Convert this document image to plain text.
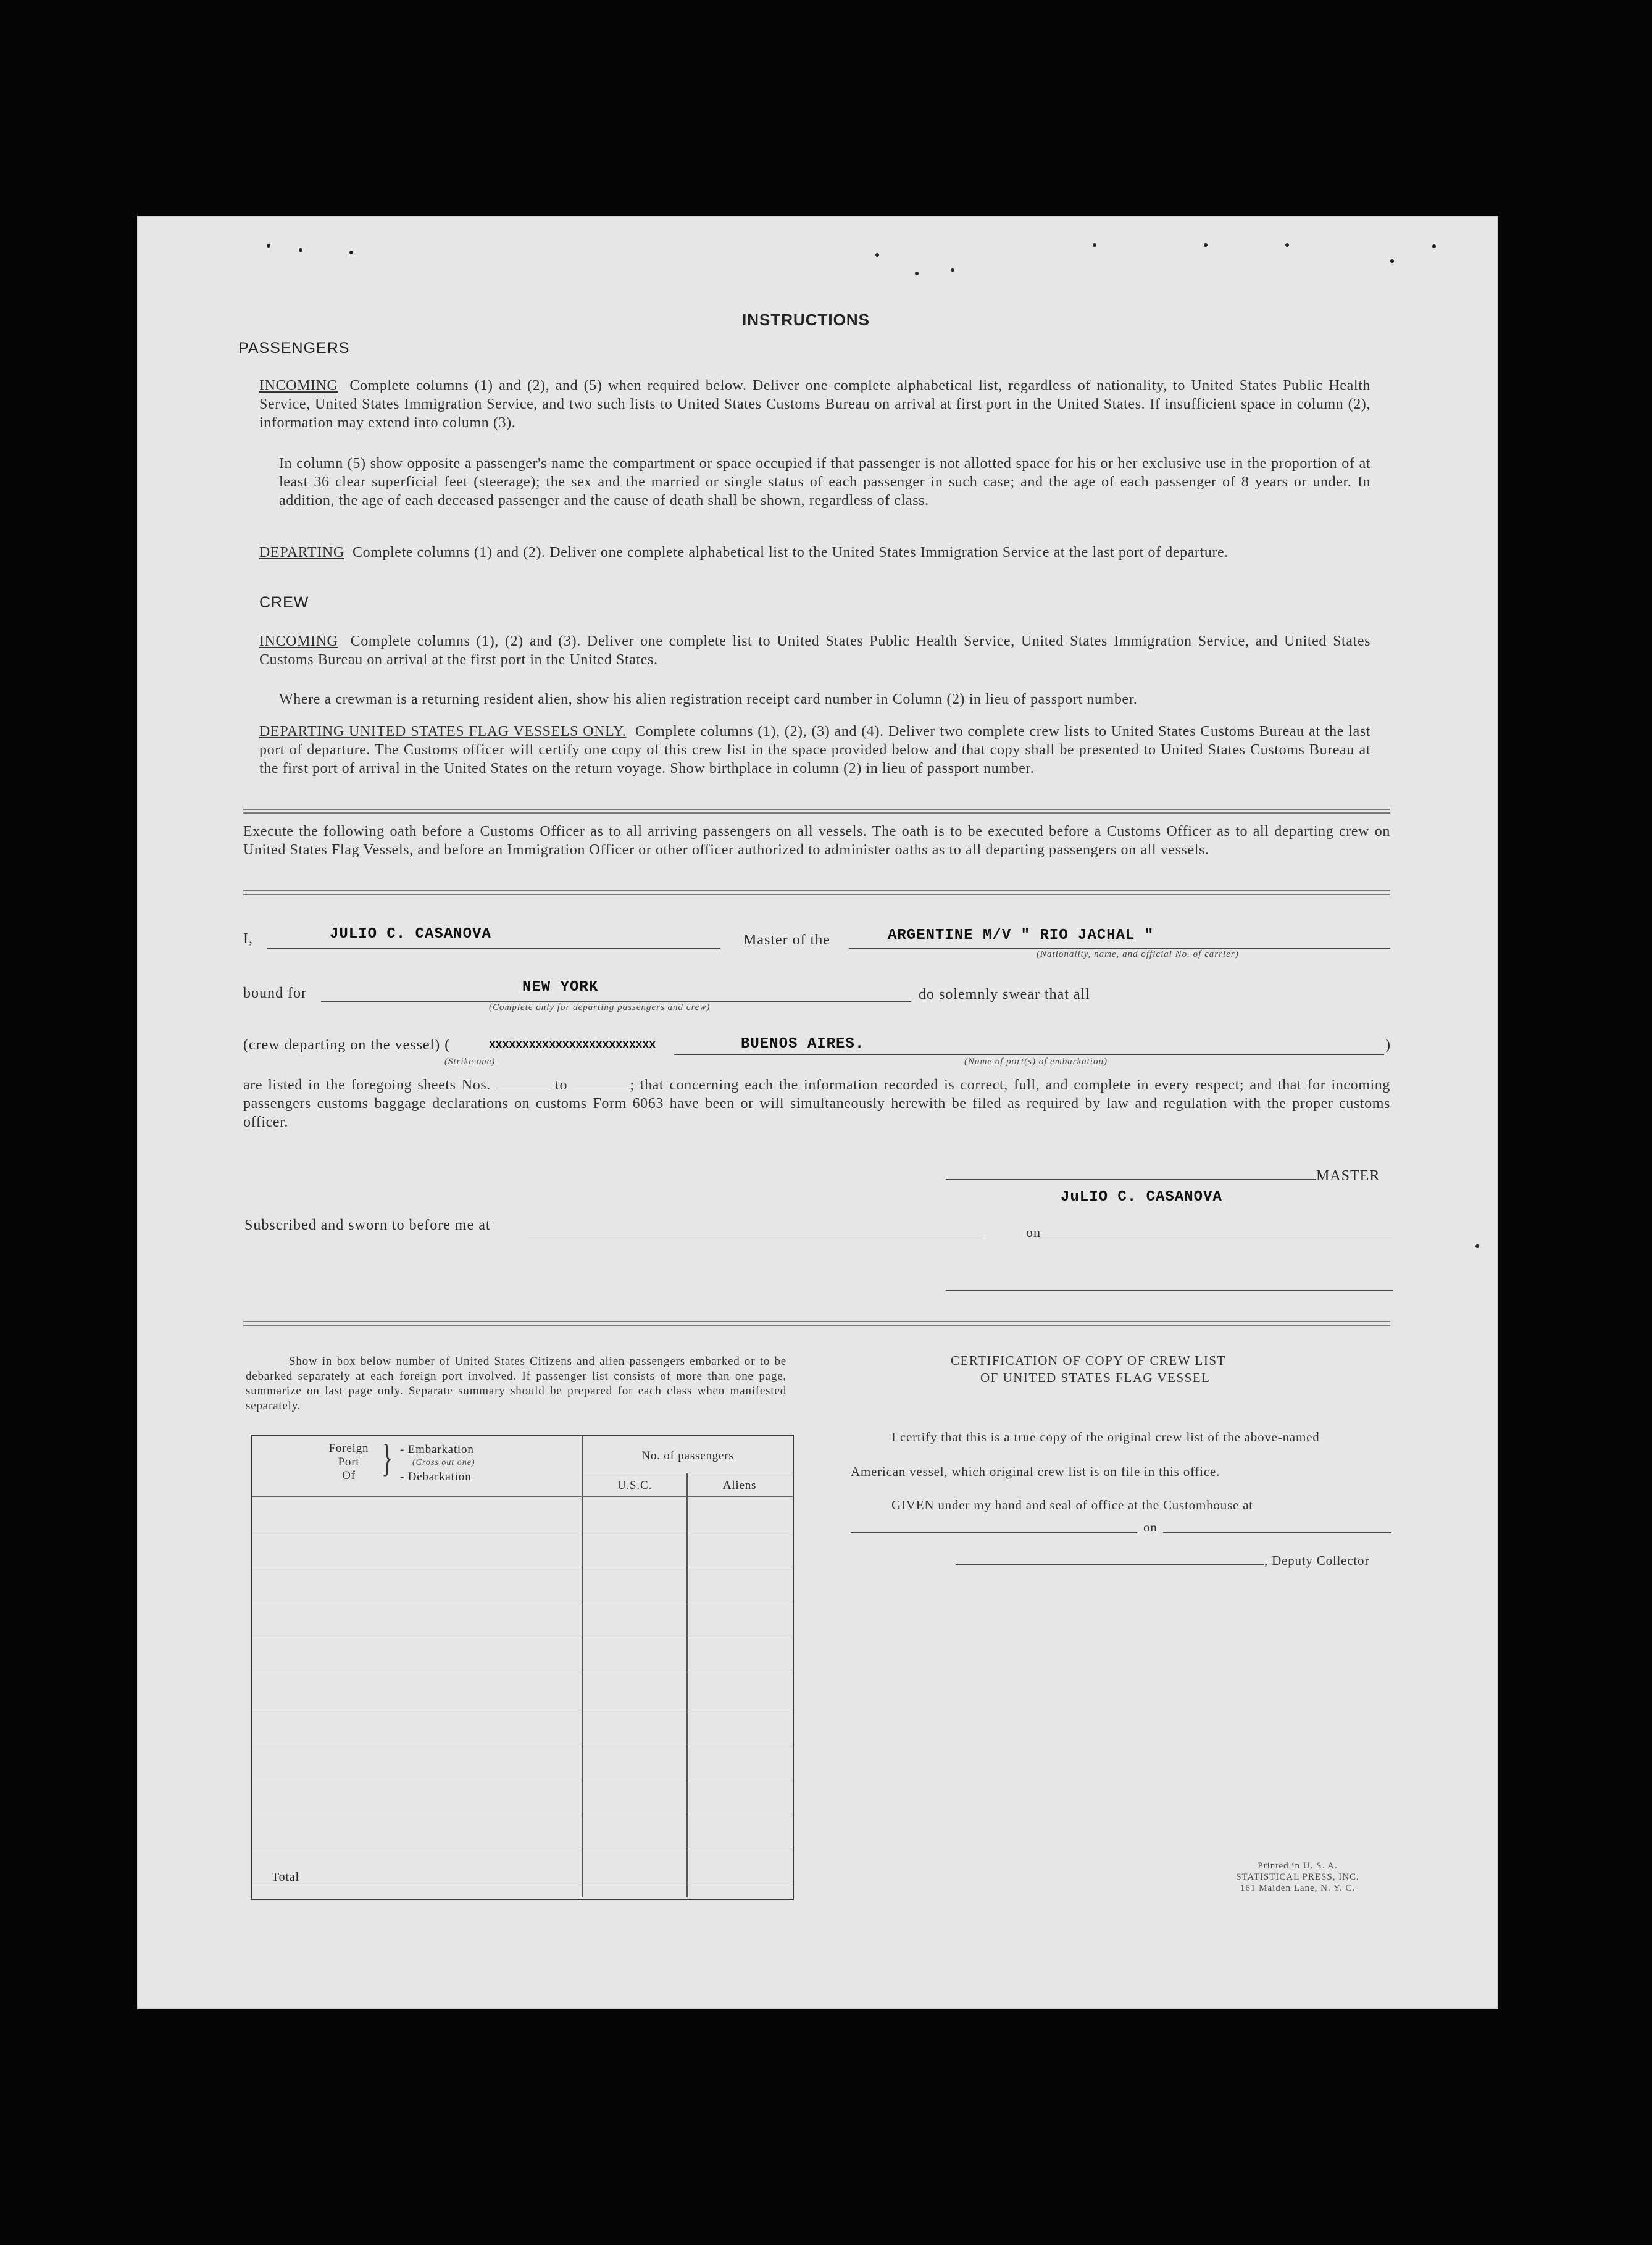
INSTRUCTIONS
PASSENGERS
INCOMING Complete columns (1) and (2), and (5) when required below. Deliver one complete alphabetical list, regardless of nationality, to United States Public Health Service, United States Immigration Service, and two such lists to United States Customs Bureau on arrival at first port in the United States. If insufficient space in column (2), information may extend into column (3).
In column (5) show opposite a passenger's name the compartment or space occupied if that passenger is not allotted space for his or her exclusive use in the proportion of at least 36 clear superficial feet (steerage); the sex and the married or single status of each passenger in such case; and the age of each passenger of 8 years or under. In addition, the age of each deceased passenger and the cause of death shall be shown, regardless of class.
DEPARTING Complete columns (1) and (2). Deliver one complete alphabetical list to the United States Immigration Service at the last port of departure.
CREW
INCOMING Complete columns (1), (2) and (3). Deliver one complete list to United States Public Health Service, United States Immigration Service, and United States Customs Bureau on arrival at the first port in the United States.
Where a crewman is a returning resident alien, show his alien registration receipt card number in Column (2) in lieu of passport number.
DEPARTING UNITED STATES FLAG VESSELS ONLY. Complete columns (1), (2), (3) and (4). Deliver two complete crew lists to United States Customs Bureau at the last port of departure. The Customs officer will certify one copy of this crew list in the space provided below and that copy shall be presented to United States Customs Bureau at the first port of arrival in the United States on the return voyage. Show birthplace in column (2) in lieu of passport number.
Execute the following oath before a Customs Officer as to all arriving passengers on all vessels. The oath is to be executed before a Customs Officer as to all departing crew on United States Flag Vessels, and before an Immigration Officer or other officer authorized to administer oaths as to all departing passengers on all vessels.
I,	JULIO C. CASANOVA	Master of the	ARGENTINE M/V " RIO JACHAL "
(Nationality, name, and official No. of carrier)
bound for	NEW YORK
(Complete only for departing passengers and crew)
do solemnly swear that all
(crew departing on the vessel) (	xxxxxxxxxxxxxxxxxxxxxxxxx
(Strike one)
BUENOS AIRES.
(Name of port(s) of embarkation)
)
are listed in the foregoing sheets Nos.	to	; that concerning each the information recorded is correct, full, and complete in every respect; and that for incoming passengers customs baggage declarations on customs Form 6063 have been or will simultaneously herewith be filed as required by law and regulation with the proper customs officer.
MASTER
JuLIO C. CASANOVA
Subscribed and sworn to before me at	on
Show in box below number of United States Citizens and alien passengers embarked or to be debarked separately at each foreign port involved. If passenger list consists of more than one page, summarize on last page only. Separate summary should be prepared for each class when manifested separately.
Foreign
Port
Of } - Embarkation
(Cross out one)
- Debarkation
No. of passengers
U.S.C.	Aliens
Total
CERTIFICATION OF COPY OF CREW LIST
OF UNITED STATES FLAG VESSEL
I certify that this is a true copy of the original crew list of the above-named
American vessel, which original crew list is on file in this office.
GIVEN under my hand and seal of office at the Customhouse at
on
, Deputy Collector
Printed in U. S. A.
STATISTICAL PRESS, INC.
161 Maiden Lane, N. Y. C.
